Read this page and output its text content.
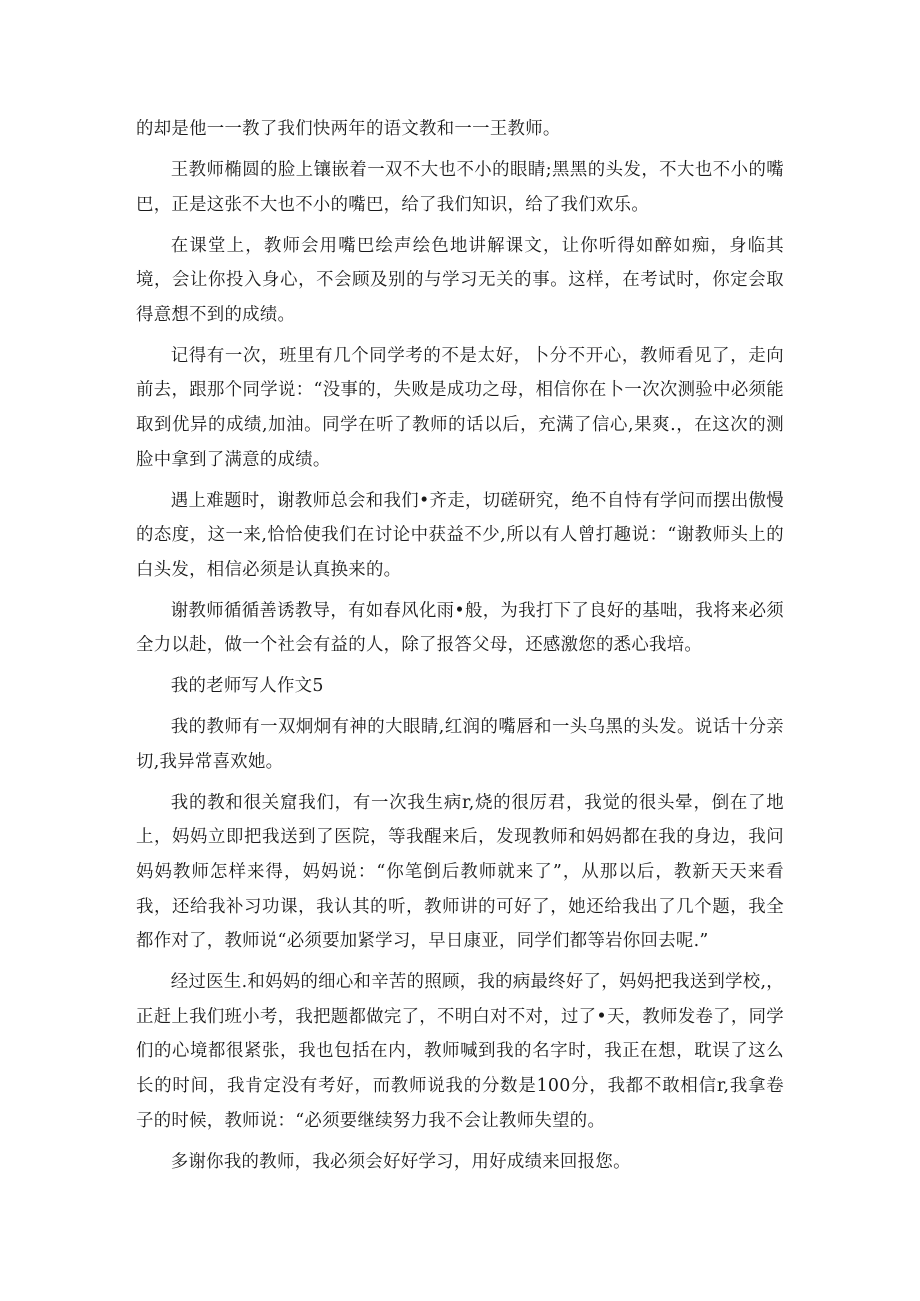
的却是他一一教了我们快两年的语文教和一一王教师。

王教师椭圆的脸上镶嵌着一双不大也不小的眼睛;黑黑的头发，不大也不小的嘴巴，正是这张不大也不小的嘴巴，给了我们知识，给了我们欢乐。

在课堂上，教师会用嘴巴绘声绘色地讲解课文，让你听得如醉如痴，身临其境，会让你投入身心，不会顾及别的与学习无关的事。这样，在考试时，你定会取得意想不到的成绩。

记得有一次，班里有几个同学考的不是太好，卜分不开心，教师看见了，走向前去，跟那个同学说：“没事的，失败是成功之母，相信你在卜一次次测验中必须能取到优异的成绩,加油。同学在听了教师的话以后，充满了信心,果爽.，在这次的测脸中拿到了满意的成绩。

遇上难题时，谢教师总会和我们•齐走，切磋研究，绝不自恃有学问而摆出傲慢的态度，这一来,恰恰使我们在讨论中获益不少,所以有人曾打趣说：“谢教师头上的白头发，相信必须是认真换来的。

谢教师循循善诱教导，有如春风化雨•般，为我打下了良好的基咄，我将来必须全力以赴，做一个社会有益的人，除了报答父母，还感激您的悉心我培。

我的老师写人作文5

我的教师有一双炯炯有神的大眼睛,红润的嘴唇和一头乌黑的头发。说话十分亲切,我异常喜欢她。

我的教和很关窟我们，有一次我生病r,烧的很厉君，我觉的很头晕，倒在了地上，妈妈立即把我送到了医院，等我醒来后，发现教师和妈妈都在我的身边，我问妈妈教师怎样来得，妈妈说：“你笔倒后教师就来了”，从那以后，教新天天来看我，还给我补习功课，我认其的听，教师讲的可好了，她还给我出了几个题，我全都作对了，教师说“必须要加紧学习，早日康亚，同学们都等岩你回去呢.”

经过医生.和妈妈的细心和辛苦的照顾，我的病最终好了，妈妈把我送到学校,，正赶上我们班小考，我把题都做完了，不明白对不对，过了•天，教师发卷了，同学们的心境都很紧张，我也包括在内，教师喊到我的名字时，我正在想，耽误了这么长的时间，我肯定没有考好，而教师说我的分数是100分，我都不敢相信r,我拿卷子的时候，教师说：“必须要继续努力我不会让教师失望的。

多谢你我的教师，我必须会好好学习，用好成绩来回报您。
